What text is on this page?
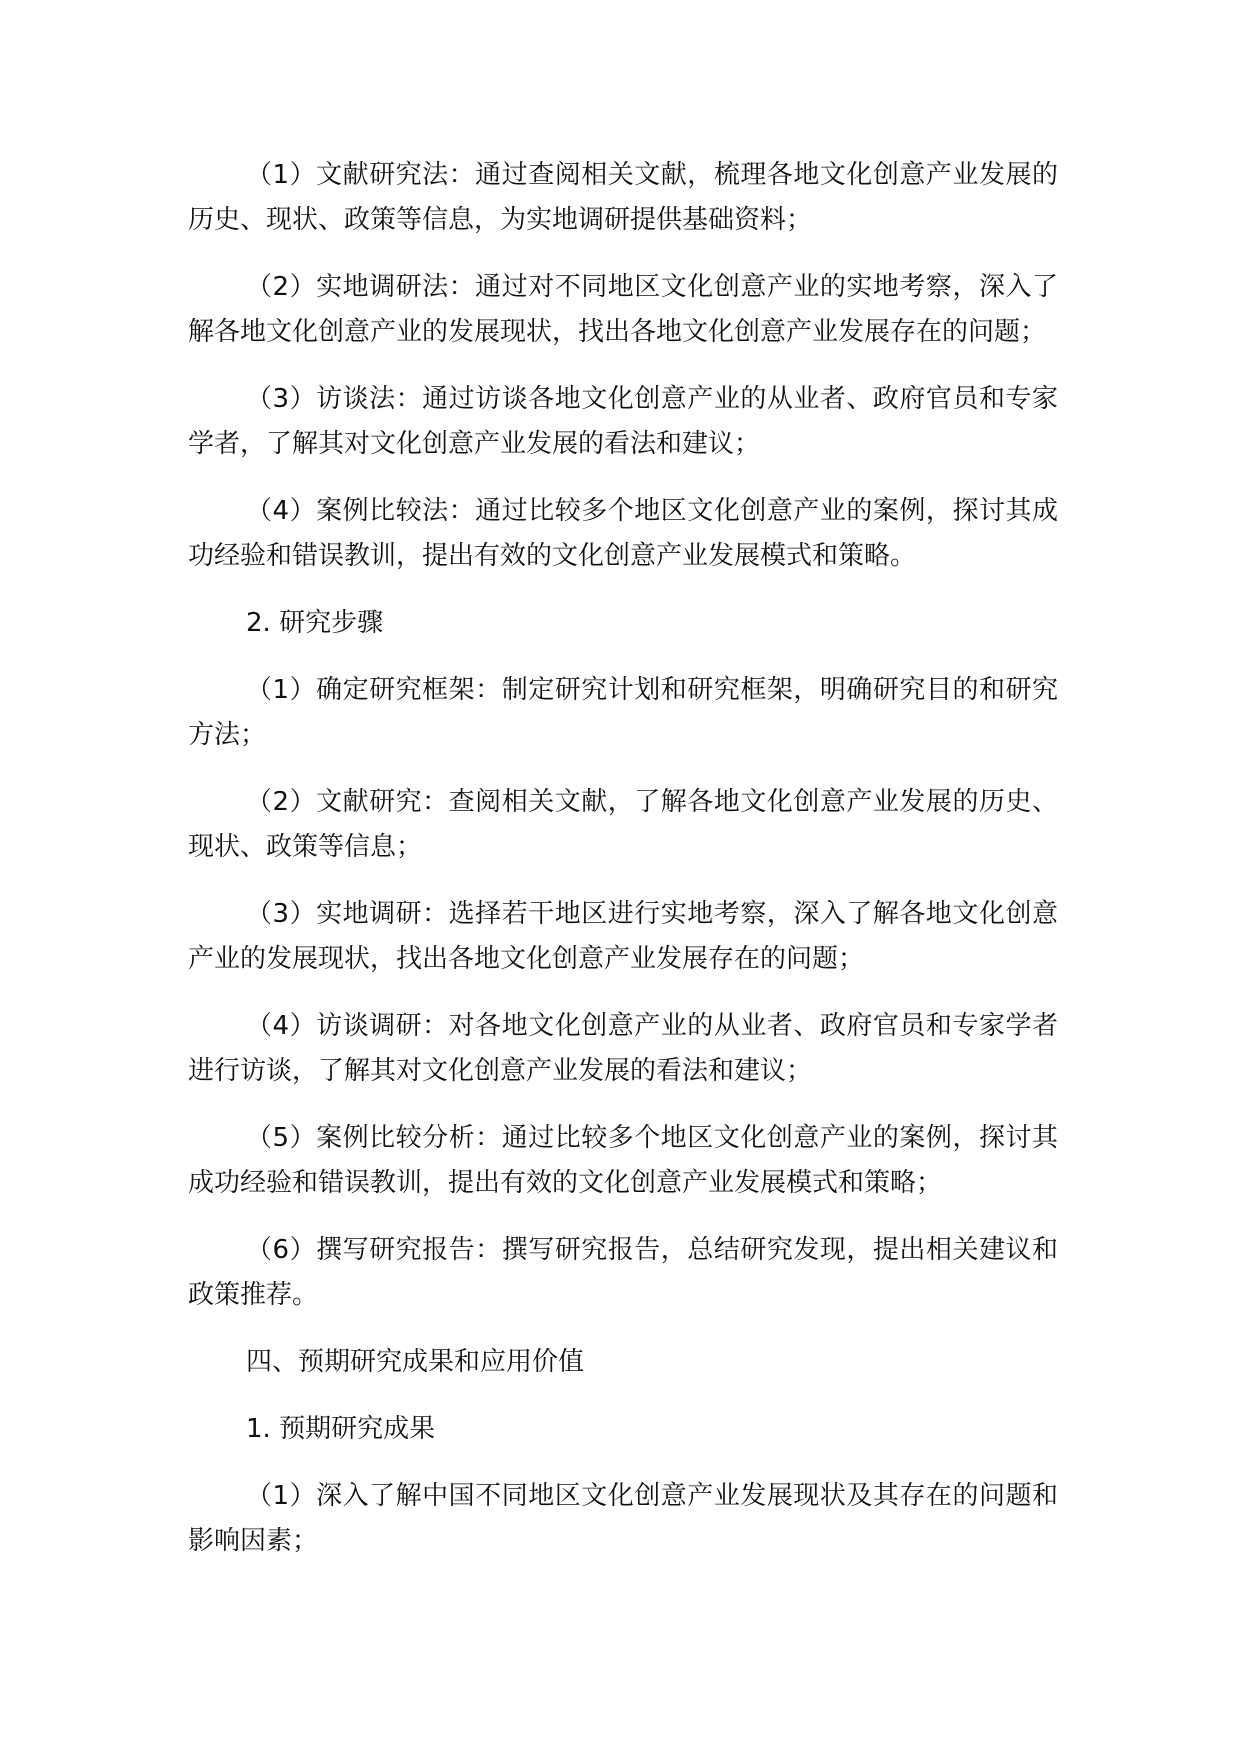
（1）文献研究法：通过查阅相关文献，梳理各地文化创意产业发展的历史、现状、政策等信息，为实地调研提供基础资料；

（2）实地调研法：通过对不同地区文化创意产业的实地考察，深入了解各地文化创意产业的发展现状，找出各地文化创意产业发展存在的问题；

（3）访谈法：通过访谈各地文化创意产业的从业者、政府官员和专家学者，了解其对文化创意产业发展的看法和建议；

（4）案例比较法：通过比较多个地区文化创意产业的案例，探讨其成功经验和错误教训，提出有效的文化创意产业发展模式和策略。

2. 研究步骤

（1）确定研究框架：制定研究计划和研究框架，明确研究目的和研究方法；

（2）文献研究：查阅相关文献，了解各地文化创意产业发展的历史、现状、政策等信息；

（3）实地调研：选择若干地区进行实地考察，深入了解各地文化创意产业的发展现状，找出各地文化创意产业发展存在的问题；

（4）访谈调研：对各地文化创意产业的从业者、政府官员和专家学者进行访谈，了解其对文化创意产业发展的看法和建议；

（5）案例比较分析：通过比较多个地区文化创意产业的案例，探讨其成功经验和错误教训，提出有效的文化创意产业发展模式和策略；

（6）撰写研究报告：撰写研究报告，总结研究发现，提出相关建议和政策推荐。

四、预期研究成果和应用价值

1. 预期研究成果

（1）深入了解中国不同地区文化创意产业发展现状及其存在的问题和影响因素；
